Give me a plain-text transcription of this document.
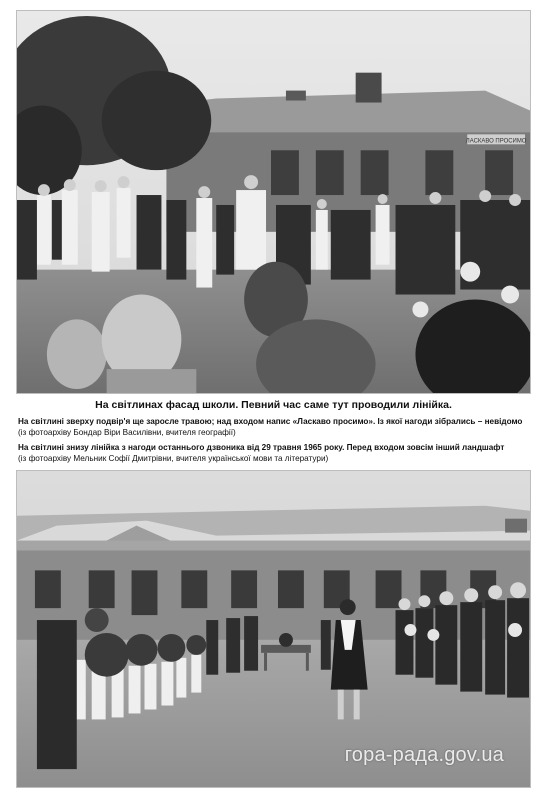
ЛАСКАВО ПРОСИМО
На світлинах фасад школи. Певний час саме тут проводили лінійка.
На світлині зверху подвір'я ще заросле травою; над входом напис «Ласкаво просимо». Із якої нагоди зібрались – невідомо
(із фотоархіву Бондар Віри Василівни, вчителя географії)
На світлині знизу лінійка з нагоди останнього дзвоника від 29 травня 1965 року. Перед входом зовсім інший ландшафт
(із фотоархіву Мельник Софії Дмитрівни, вчителя української мови та літератури)
гора-рада.gov.ua
